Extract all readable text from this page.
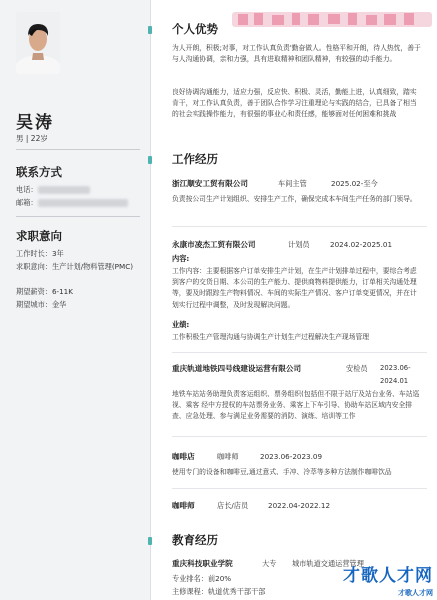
吴涛
男 | 22岁
联系方式
电话：
邮箱：
求职意向
工作时长：3年
求职意向：生产计划/物料管理(PMC)
期望薪资：6-11K
期望城市：金华
个人优势
为人开朗，积极;对事，对工作认真负责'勤奋做人。性格平和开朗，待人热忱，善于与人沟通协调，亲和力强，具有进取精神和团队精神，有较强的动手能力。
良好协调沟通能力，适应力强，反应快、积极、灵活，勤能上进，认真细致，踏实肯干，对工作认真负责，善于团队合作学习注重理论与实践的结合，已具备了相当的社会实践操作能力，有很强的事业心和责任感，能够面对任何困难和挑战
工作经历
浙江顺安工贸有限公司	车间主管	2025.02-至今
负责按公司生产计划组织、安排生产工作，确保完成本车间生产任务的部门领导。
永康市凌杰工贸有限公司	计划员	2024.02-2025.01
内容:
工作内容：主要根据客户订单安排生产计划，在生产计划排单过程中，要综合考虑到客户的交货日期、本公司的生产能力、提供商物料提供能力，订单相关沟通处理等，要及时跟踪生产物料情况、车间的实际生产情况、客户订单变更情况，并在计划实行过程中调整，及时发现解决问题。
业绩:
工作积极生产管理沟通与协调生产计划生产过程解决生产现场管理
重庆轨道地铁四号线建设运营有限公司	安检员 2023.06-2024.01
地铁车站站务助理负责客运组织、票务组织(包括但不限于站厅及站台业务、车站巡视、乘客 经中方授权的车站票务业务、乘客上下车引导、协助车站区域内安全排查、应急处理、参与满足业务需要的消防、演练、培训等工作
咖啡店	咖啡师	2023.06-2023.09
使用专门的设备和咖啡豆,通过意式、手冲、冷萃等多种方法制作咖啡饮品
咖啡师	店长/店员	2022.04-2022.12
教育经历
重庆科技职业学院	大专 城市轨道交通运营管理
专业排名：前20%
主修课程：轨道优秀干部干部
才歌人才网
才歌人才网
